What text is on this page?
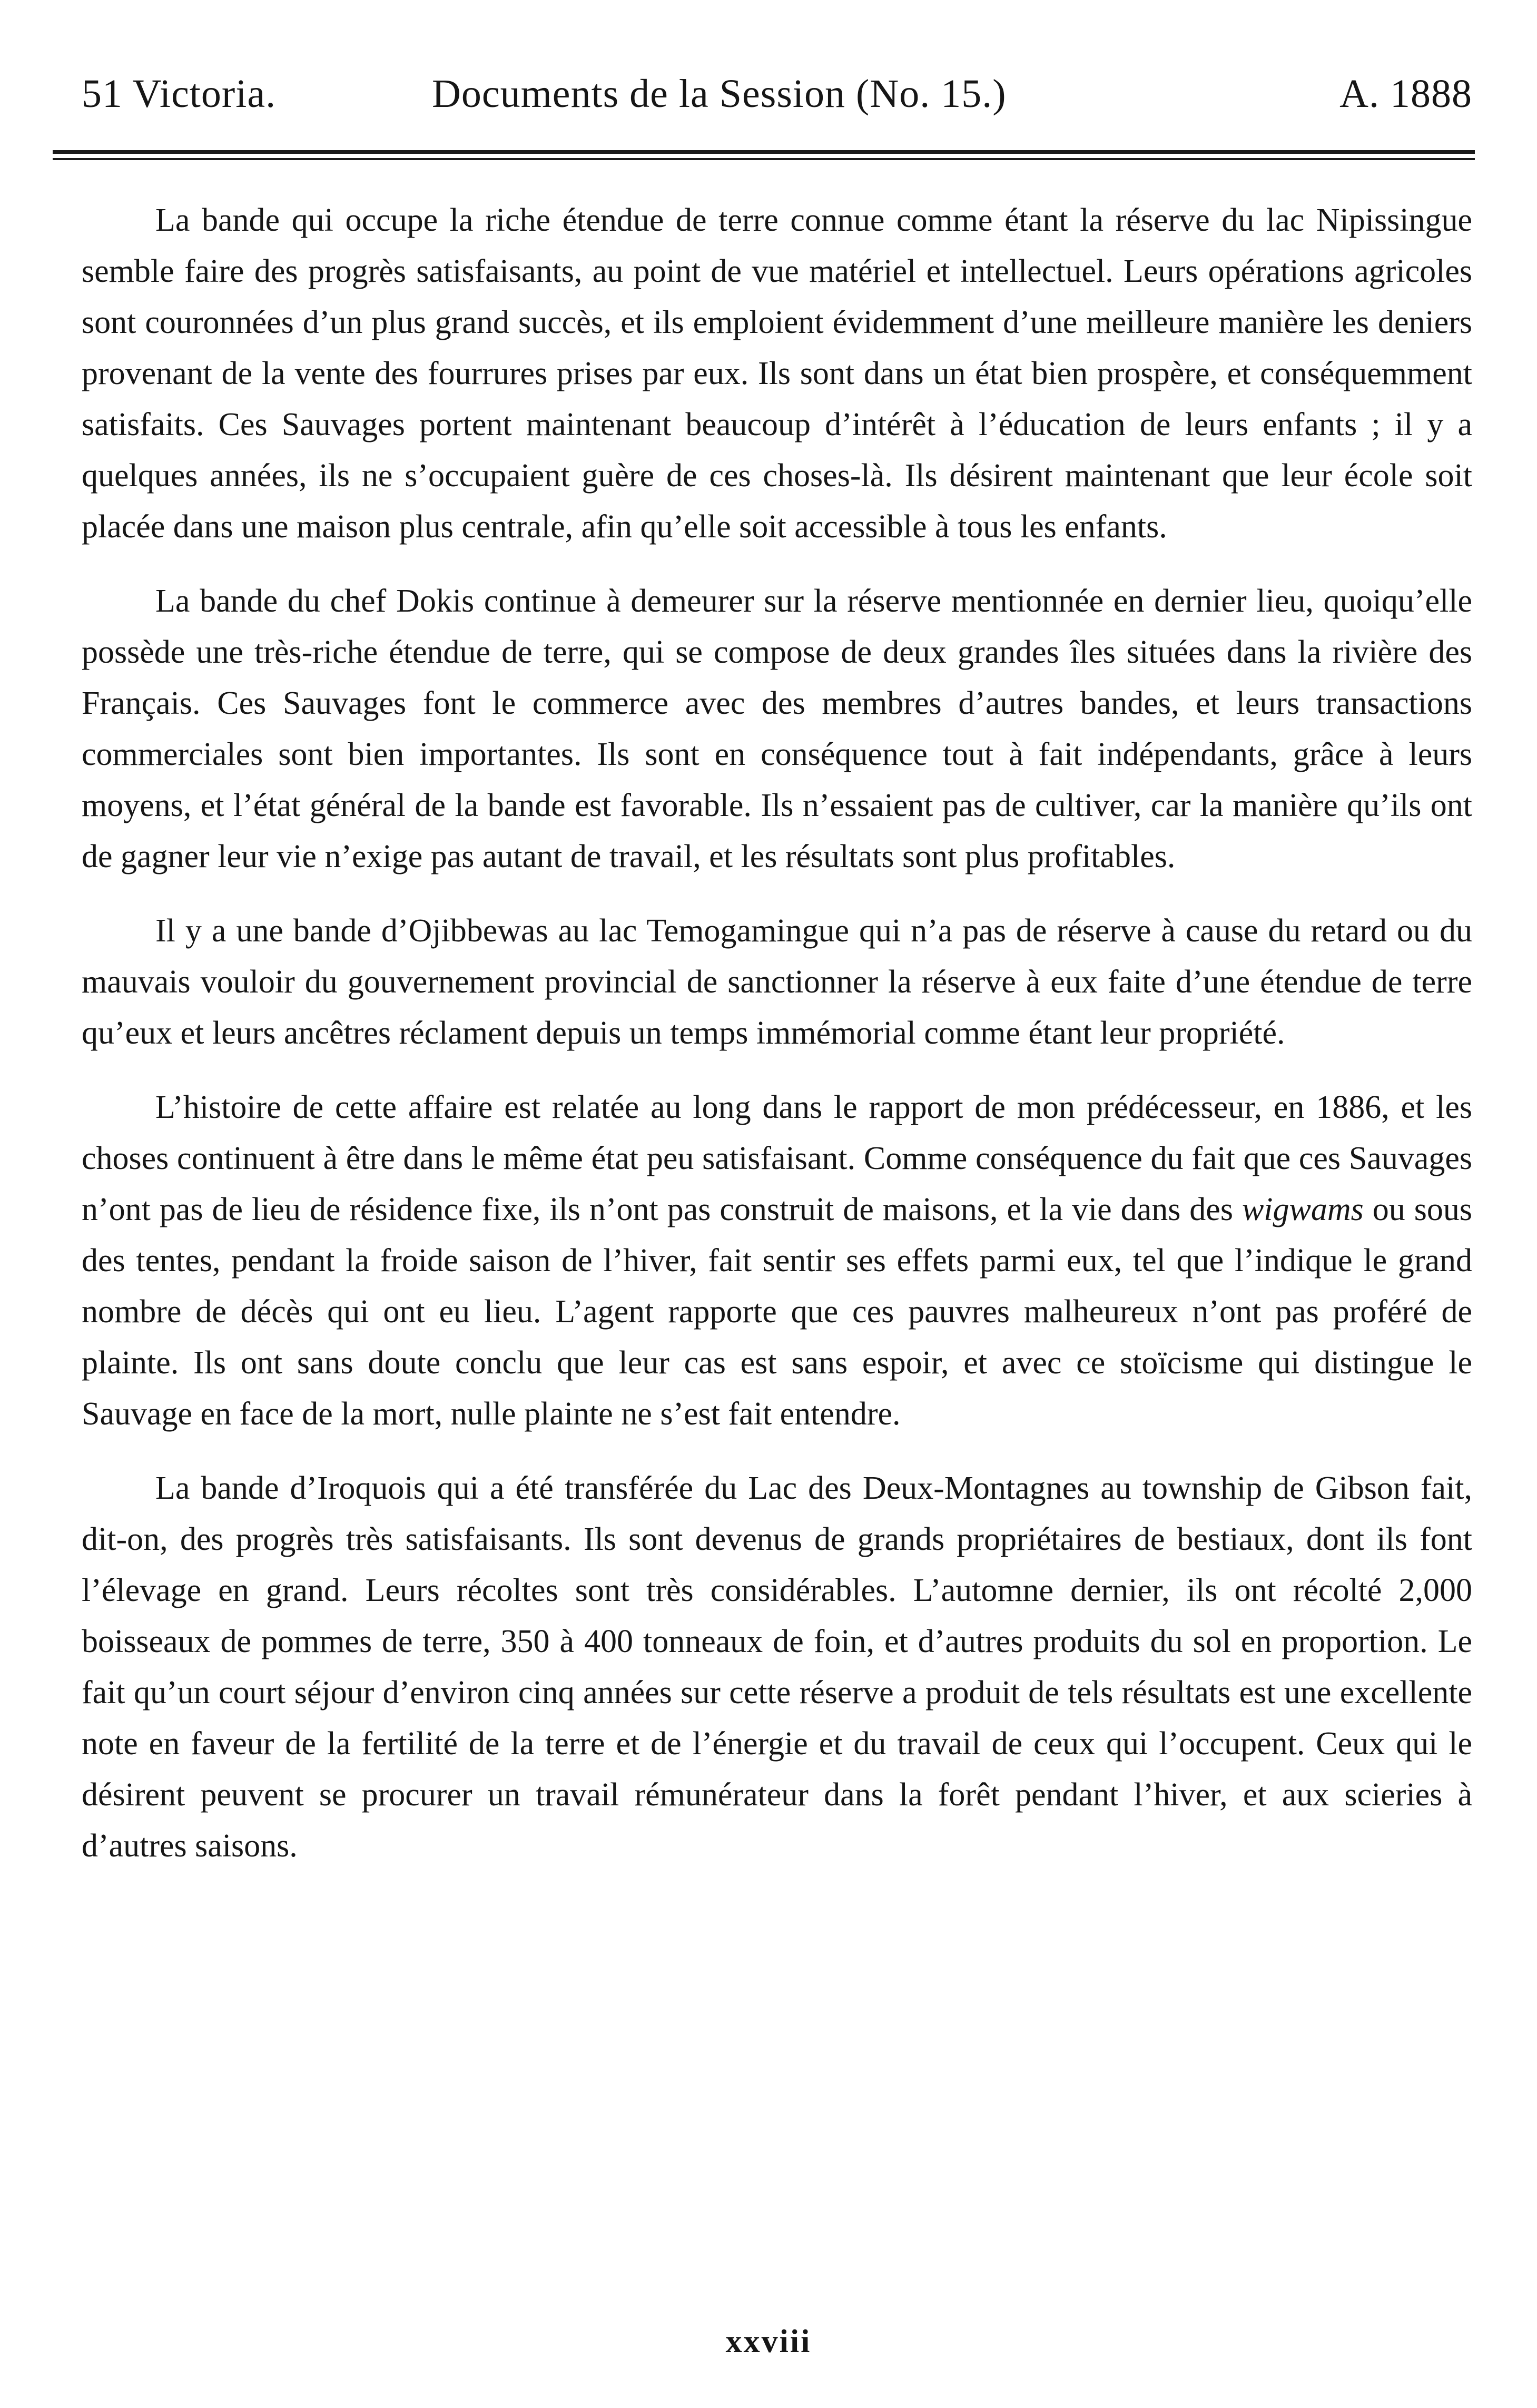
51 Victoria.	Documents de la Session (No. 15.)	A. 1888

La bande qui occupe la riche étendue de terre connue comme étant la réserve du lac Nipissingue semble faire des progrès satisfaisants, au point de vue matériel et intellectuel. Leurs opérations agricoles sont couronnées d’un plus grand succès, et ils emploient évidemment d’une meilleure manière les deniers provenant de la vente des fourrures prises par eux. Ils sont dans un état bien prospère, et conséquemment satisfaits. Ces Sauvages portent maintenant beaucoup d’intérêt à l’éducation de leurs enfants ; il y a quelques années, ils ne s’occupaient guère de ces choses-là. Ils désirent maintenant que leur école soit placée dans une maison plus centrale, afin qu’elle soit accessible à tous les enfants.

La bande du chef Dokis continue à demeurer sur la réserve mentionnée en dernier lieu, quoiqu’elle possède une très-riche étendue de terre, qui se compose de deux grandes îles situées dans la rivière des Français. Ces Sauvages font le commerce avec des membres d’autres bandes, et leurs transactions commerciales sont bien importantes. Ils sont en conséquence tout à fait indépendants, grâce à leurs moyens, et l’état général de la bande est favorable. Ils n’essaient pas de cultiver, car la manière qu’ils ont de gagner leur vie n’exige pas autant de travail, et les résultats sont plus profitables.

Il y a une bande d’Ojibbewas au lac Temogamingue qui n’a pas de réserve à cause du retard ou du mauvais vouloir du gouvernement provincial de sanctionner la réserve à eux faite d’une étendue de terre qu’eux et leurs ancêtres réclament depuis un temps immémorial comme étant leur propriété.

L’histoire de cette affaire est relatée au long dans le rapport de mon prédécesseur, en 1886, et les choses continuent à être dans le même état peu satisfaisant. Comme conséquence du fait que ces Sauvages n’ont pas de lieu de résidence fixe, ils n’ont pas construit de maisons, et la vie dans des wigwams ou sous des tentes, pendant la froide saison de l’hiver, fait sentir ses effets parmi eux, tel que l’indique le grand nombre de décès qui ont eu lieu. L’agent rapporte que ces pauvres malheureux n’ont pas proféré de plainte. Ils ont sans doute conclu que leur cas est sans espoir, et avec ce stoïcisme qui distingue le Sauvage en face de la mort, nulle plainte ne s’est fait entendre.

La bande d’Iroquois qui a été transférée du Lac des Deux-Montagnes au township de Gibson fait, dit-on, des progrès très satisfaisants. Ils sont devenus de grands propriétaires de bestiaux, dont ils font l’élevage en grand. Leurs récoltes sont très considérables. L’automne dernier, ils ont récolté 2,000 boisseaux de pommes de terre, 350 à 400 tonneaux de foin, et d’autres produits du sol en proportion. Le fait qu’un court séjour d’environ cinq années sur cette réserve a produit de tels résultats est une excellente note en faveur de la fertilité de la terre et de l’énergie et du travail de ceux qui l’occupent. Ceux qui le désirent peuvent se procurer un travail rémunérateur dans la forêt pendant l’hiver, et aux scieries à d’autres saisons.

xxviii
